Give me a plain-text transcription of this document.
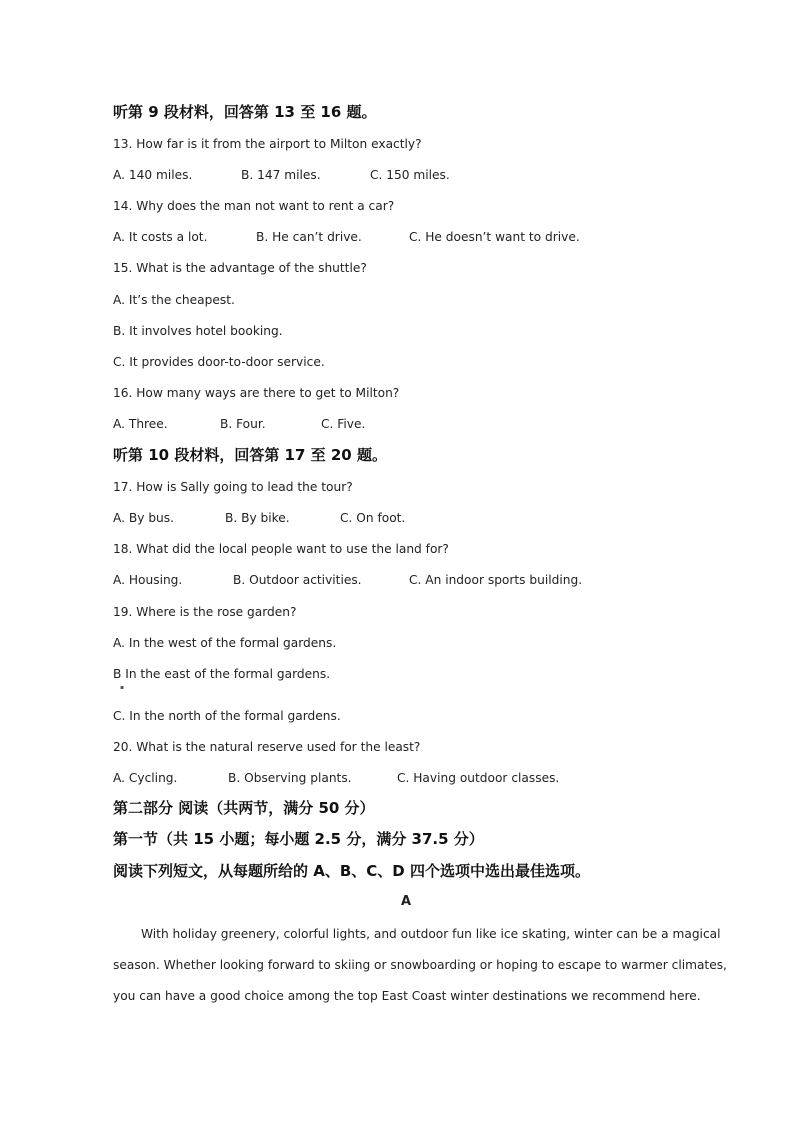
听第 9 段材料，回答第 13 至 16 题。
13. How far is it from the airport to Milton exactly?
A. 140 miles.	B. 147 miles.	C. 150 miles.
14. Why does the man not want to rent a car?
A. It costs a lot.	B. He can’t drive.	C. He doesn’t want to drive.
15. What is the advantage of the shuttle?
A. It’s the cheapest.
B. It involves hotel booking.
C. It provides door-to-door service.
16. How many ways are there to get to Milton?
A. Three.	B. Four.	C. Five.
听第 10 段材料，回答第 17 至 20 题。
17. How is Sally going to lead the tour?
A. By bus.	B. By bike.	C. On foot.
18. What did the local people want to use the land for?
A. Housing.	B. Outdoor activities.	C. An indoor sports building.
19. Where is the rose garden?
A. In the west of the formal gardens.
B In the east of the formal gardens.
▪
C. In the north of the formal gardens.
20. What is the natural reserve used for the least?
A. Cycling.	B. Observing plants.	C. Having outdoor classes.
第二部分 阅读（共两节，满分 50 分）
第一节（共 15 小题；每小题 2.5 分，满分 37.5 分）
阅读下列短文，从每题所给的 A、B、C、D 四个选项中选出最佳选项。
A
With holiday greenery, colorful lights, and outdoor fun like ice skating, winter can be a magical
season. Whether looking forward to skiing or snowboarding or hoping to escape to warmer climates,
you can have a good choice among the top East Coast winter destinations we recommend here.
